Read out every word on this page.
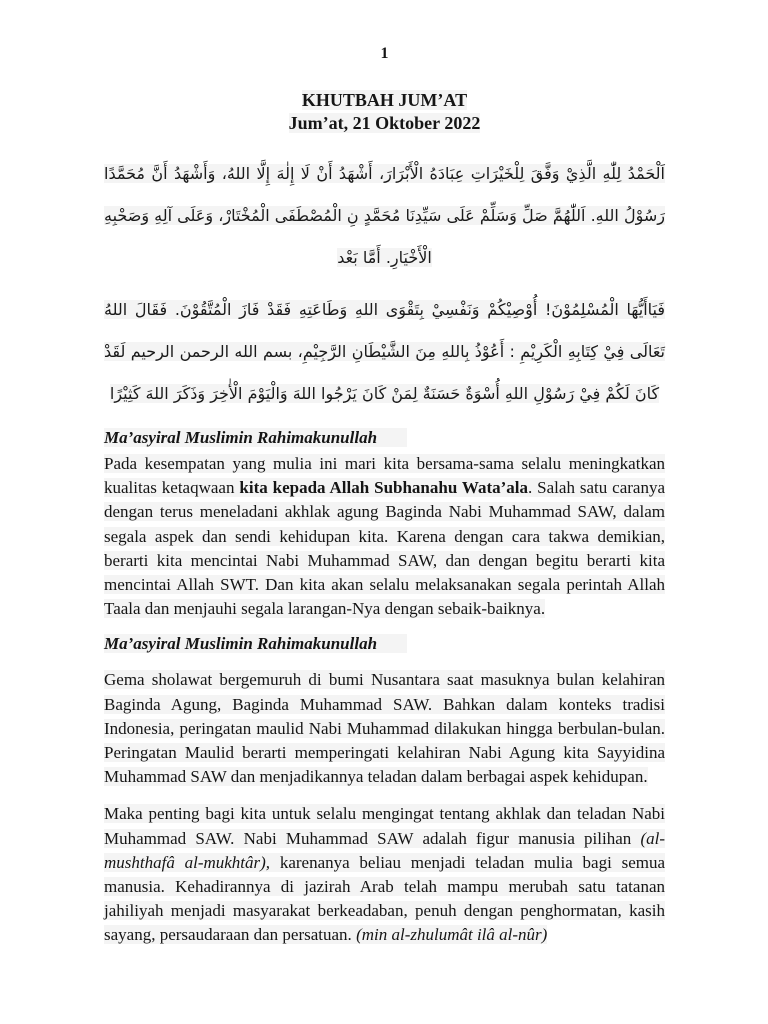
1
KHUTBAH JUM’AT
Jum’at, 21 Oktober 2022
اَلْحَمْدُ لِلّٰهِ الَّذِيْ وَفَّقَ لِلْخَيْرَاتِ عِبَادَهُ الْأَبْرَارَ، أَشْهَدُ أَنْ لَا إِلٰهَ إِلَّا اللهُ، وَأَشْهَدُ أَنَّ مُحَمَّدًا رَسُوْلُ اللهِ. اَللّٰهُمَّ صَلِّ وَسَلِّمْ عَلَى سَيِّدِنَا مُحَمَّدٍ نِ الْمُصْطَفَى الْمُخْتَارْ، وَعَلَى آلِهِ وَصَحْبِهِ الْأَخْيَارِ. أَمَّا بَعْد
فَيَاأَيُّهَا الْمُسْلِمُوْنَ! أُوْصِيْكُمْ وَنَفْسِيْ بِتَقْوَى اللهِ وَطَاعَتِهِ فَقَدْ فَازَ الْمُتَّقُوْنَ. فَقَالَ اللهُ تَعَالَى فِيْ كِتَابِهِ الْكَرِيْمِ : أَعُوْذُ بِاللهِ مِنَ الشَّيْطَانِ الرَّجِيْمِ، بسم الله الرحمن الرحيم لَقَدْ كَانَ لَكُمْ فِيْ رَسُوْلِ اللهِ أُسْوَةٌ حَسَنَةٌ لِمَنْ كَانَ يَرْجُوا اللهَ وَالْيَوْمَ الْأٰخِرَ وَذَكَرَ اللهَ كَثِيْرًا
Ma’asyiral Muslimin Rahimakunullah
Pada kesempatan yang mulia ini mari kita bersama-sama selalu meningkatkan kualitas ketaqwaan kita kepada Allah Subhanahu Wata’ala. Salah satu caranya dengan terus meneladani akhlak agung Baginda Nabi Muhammad SAW, dalam segala aspek dan sendi kehidupan kita. Karena dengan cara takwa demikian, berarti kita mencintai Nabi Muhammad SAW, dan dengan begitu berarti kita mencintai Allah SWT. Dan kita akan selalu melaksanakan segala perintah Allah Taala dan menjauhi segala larangan-Nya dengan sebaik-baiknya.
Ma’asyiral Muslimin Rahimakunullah
Gema sholawat bergemuruh di bumi Nusantara saat masuknya bulan kelahiran Baginda Agung, Baginda Muhammad SAW. Bahkan dalam konteks tradisi Indonesia, peringatan maulid Nabi Muhammad dilakukan hingga berbulan-bulan. Peringatan Maulid berarti memperingati kelahiran Nabi Agung kita Sayyidina Muhammad SAW dan menjadikannya teladan dalam berbagai aspek kehidupan.
Maka penting bagi kita untuk selalu mengingat tentang akhlak dan teladan Nabi Muhammad SAW. Nabi Muhammad SAW adalah figur manusia pilihan (al-mushthafâ al-mukhtâr), karenanya beliau menjadi teladan mulia bagi semua manusia. Kehadirannya di jazirah Arab telah mampu merubah satu tatanan jahiliyah menjadi masyarakat berkeadaban, penuh dengan penghormatan, kasih sayang, persaudaraan dan persatuan. (min al-zhulumât ilâ al-nûr)
